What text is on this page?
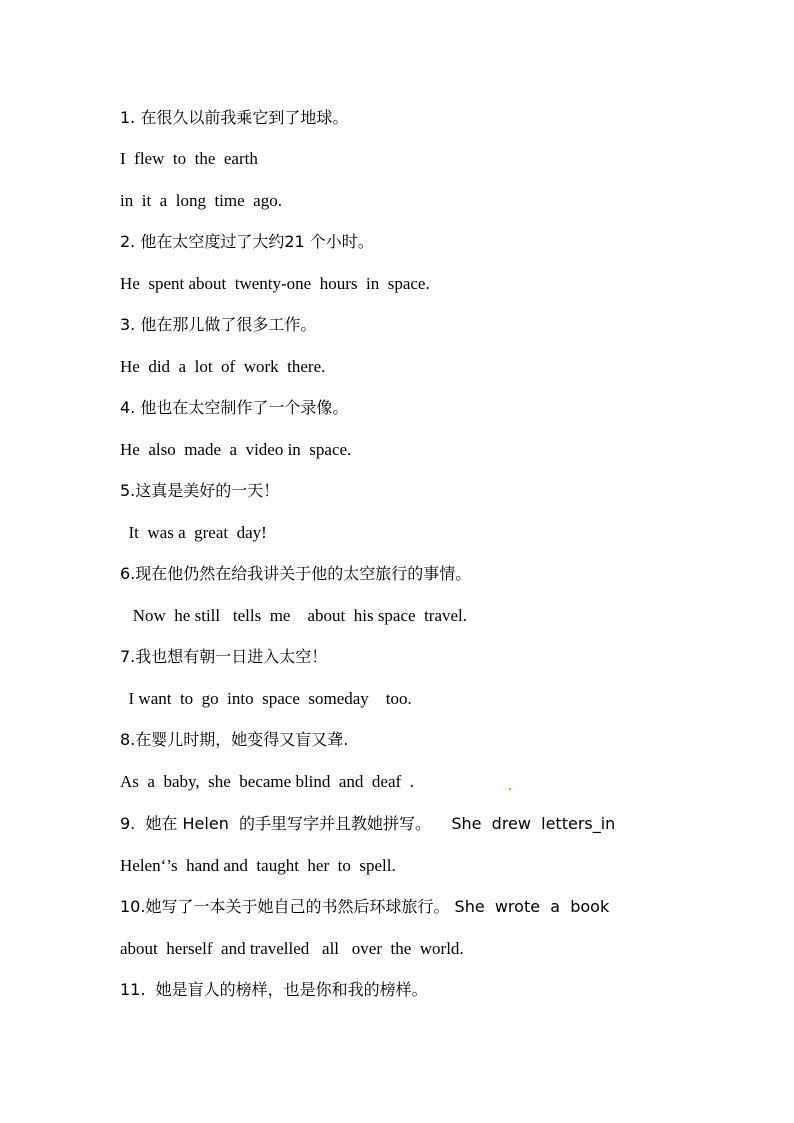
1. 在很久以前我乘它到了地球。
I  flew  to  the  earth
in  it  a  long  time  ago.
2. 他在太空度过了大约21 个小时。
He  spent about  twenty-one  hours  in  space.
3. 他在那儿做了很多工作。
He  did  a  lot  of  work  there.
4. 他也在太空制作了一个录像。
He  also  made  a  video in  space.
5.这真是美好的一天！
It  was a  great  day!
6.现在他仍然在给我讲关于他的太空旅行的事情。
Now  he still   tells  me    about  his space  travel.
7.我也想有朝一日进入太空！
I want  to  go  into  space  someday    too.
8.在婴儿时期，她变得又盲又聋.
As  a  baby,  she  became blind  and  deaf  .
9.  她在 Helen  的手里写字并且教她拼写。    She  drew  letters_in
Helen‘’s  hand and  taught  her  to  spell.
10.她写了一本关于她自己的书然后环球旅行。 She  wrote  a  book
about  herself  and travelled   all   over  the  world.
11.  她是盲人的榜样，也是你和我的榜样。
